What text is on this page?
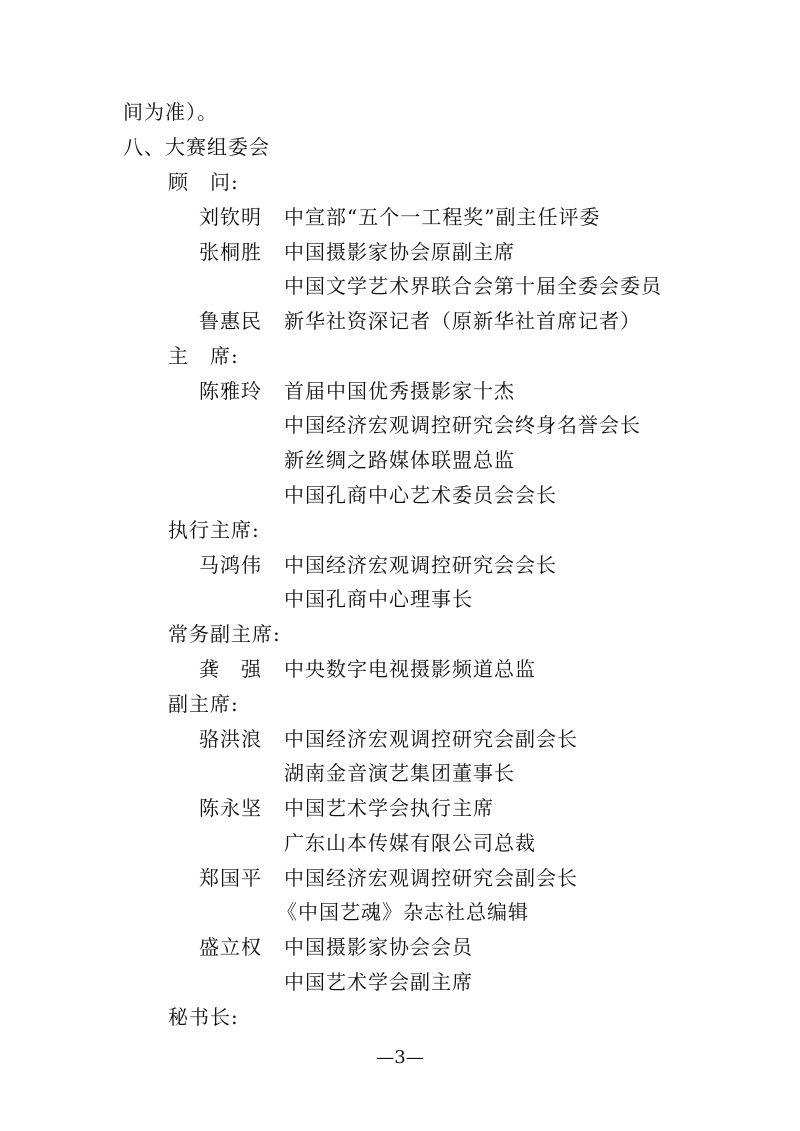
间为准）。
八、大赛组委会
顾　问:
刘钦明 中宣部“五个一工程奖”副主任评委
张桐胜 中国摄影家协会原副主席
中国文学艺术界联合会第十届全委会委员
鲁惠民 新华社资深记者（原新华社首席记者）
主　席:
陈雅玲 首届中国优秀摄影家十杰
中国经济宏观调控研究会终身名誉会长
新丝绸之路媒体联盟总监
中国孔商中心艺术委员会会长
执行主席:
马鸿伟 中国经济宏观调控研究会会长
中国孔商中心理事长
常务副主席:
龚　强 中央数字电视摄影频道总监
副主席:
骆洪浪 中国经济宏观调控研究会副会长
湖南金音演艺集团董事长
陈永坚 中国艺术学会执行主席
广东山本传媒有限公司总裁
郑国平 中国经济宏观调控研究会副会长
《中国艺魂》杂志社总编辑
盛立权 中国摄影家协会会员
中国艺术学会副主席
秘书长:
—3—
